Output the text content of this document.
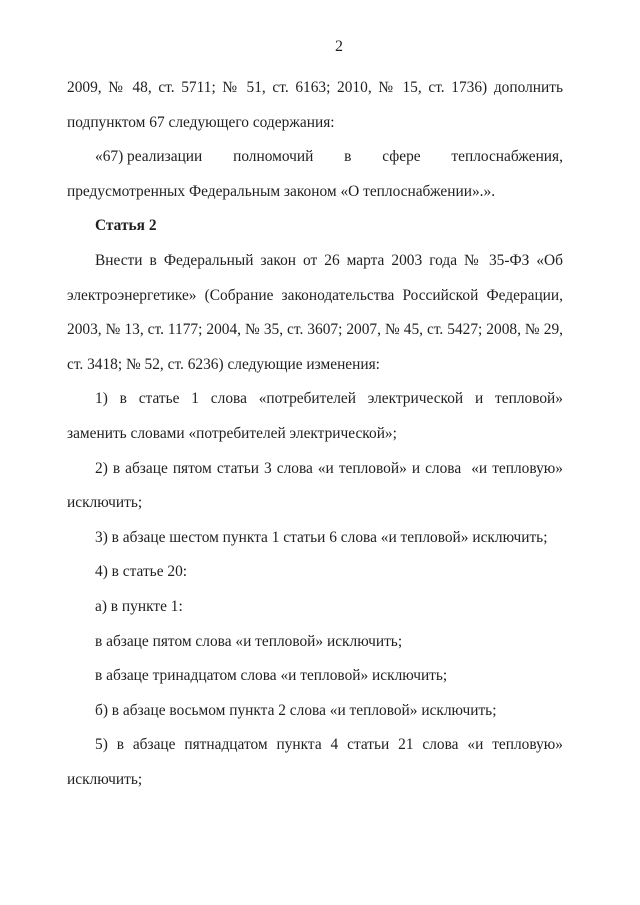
2
2009, № 48, ст. 5711; № 51, ст. 6163; 2010, № 15, ст. 1736) дополнить
подпунктом 67 следующего содержания:
«67) реализации полномочий в сфере теплоснабжения,
предусмотренных Федеральным законом «О теплоснабжении».».
Статья 2
Внести в Федеральный закон от 26 марта 2003 года № 35-ФЗ «Об
электроэнергетике» (Собрание законодательства Российской Федерации,
2003, № 13, ст. 1177; 2004, № 35, ст. 3607; 2007, № 45, ст. 5427; 2008, № 29,
ст. 3418; № 52, ст. 6236) следующие изменения:
1) в статье 1 слова «потребителей электрической и тепловой»
заменить словами «потребителей электрической»;
2) в абзаце пятом статьи 3 слова «и тепловой» и слова  «и тепловую»
исключить;
3) в абзаце шестом пункта 1 статьи 6 слова «и тепловой» исключить;
4) в статье 20:
а) в пункте 1:
в абзаце пятом слова «и тепловой» исключить;
в абзаце тринадцатом слова «и тепловой» исключить;
б) в абзаце восьмом пункта 2 слова «и тепловой» исключить;
5) в абзаце пятнадцатом пункта 4 статьи 21 слова «и тепловую»
исключить;
